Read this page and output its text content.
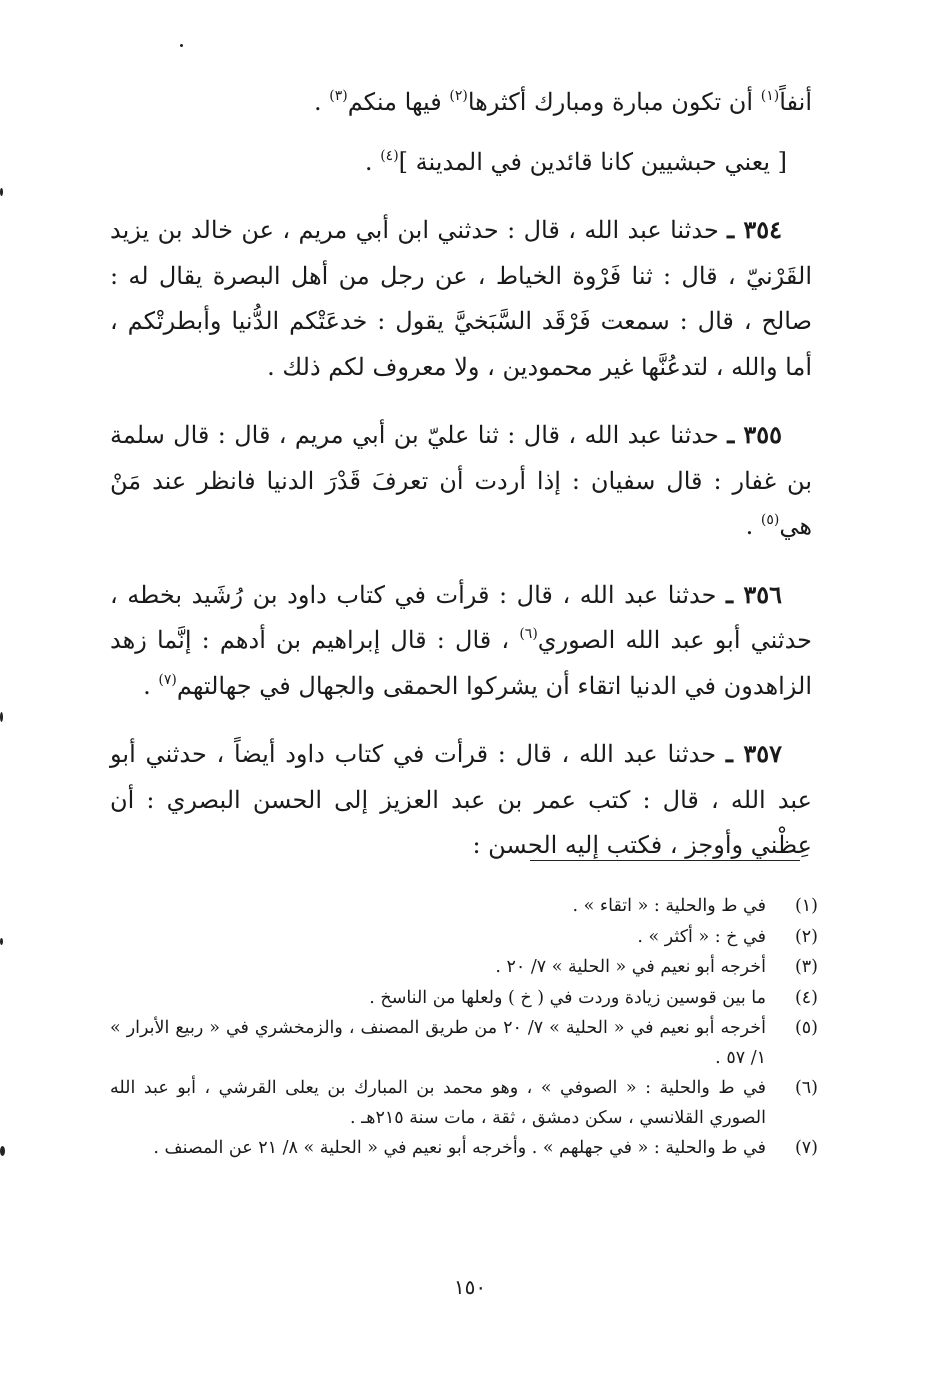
أنفاً$^{(١)}$ أن تكون مبارة ومبارك أكثرها$^{(٢)}$ فيها منكم$^{(٣)}$ .

[ يعني حبشيين كانا قائدين في المدينة ]$^{(٤)}$ .

٣٥٤ ـ حدثنا عبد الله ، قال : حدثني ابن أبي مريم ، عن خالد بن يزيد القَرْنيّ ، قال : ثنا فَرْوة الخياط ، عن رجل من أهل البصرة يقال له : صالح ، قال : سمعت فَرْقَد السَّبَخيَّ يقول : خدعَتْكم الدُّنيا وأبطرتْكم ، أما والله ، لتدعُنَّها غير محمودين ، ولا معروف لكم ذلك .

٣٥٥ ـ حدثنا عبد الله ، قال : ثنا عليّ بن أبي مريم ، قال : قال سلمة بن غفار : قال سفيان : إذا أردت أن تعرفَ قَدْرَ الدنيا فانظر عند مَنْ هي$^{(٥)}$ .

٣٥٦ ـ حدثنا عبد الله ، قال : قرأت في كتاب داود بن رُشَيد بخطه ، حدثني أبو عبد الله الصوري$^{(٦)}$ ، قال : قال إبراهيم بن أدهم : إنَّما زهد الزاهدون في الدنيا اتقاء أن يشركوا الحمقى والجهال في جهالتهم$^{(٧)}$ .

٣٥٧ ـ حدثنا عبد الله ، قال : قرأت في كتاب داود أيضاً ، حدثني أبو عبد الله ، قال : كتب عمر بن عبد العزيز إلى الحسن البصري : أن عِظْني وأوجز ، فكتب إليه الحسن :

(١)
في ط والحلية : « اتقاء » .
(٢)
في خ : « أكثر » .
(٣)
أخرجه أبو نعيم في « الحلية » ٧/ ٢٠ .
(٤)
ما بين قوسين زيادة وردت في ( خ ) ولعلها من الناسخ .
(٥)
أخرجه أبو نعيم في « الحلية » ٧/ ٢٠ من طريق المصنف ، والزمخشري في « ربيع الأبرار » ١/ ٥٧ .
(٦)
في ط والحلية : « الصوفي » ، وهو محمد بن المبارك بن يعلى القرشي ، أبو عبد الله الصوري القلانسي ، سكن دمشق ، ثقة ، مات سنة ٢١٥هـ .
(٧)
في ط والحلية : « في جهلهم » . وأخرجه أبو نعيم في « الحلية » ٨/ ٢١ عن المصنف .
١٥٠
